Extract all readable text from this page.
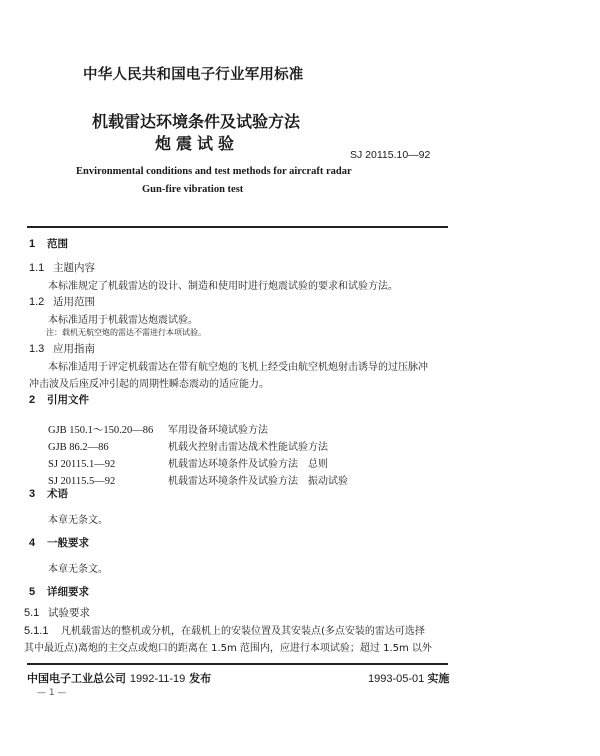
中华人民共和国电子行业军用标准
机载雷达环境条件及试验方法
炮震试验
SJ 20115.10—92
Environmental conditions and test methods for aircraft radar
Gun-fire vibration test
1 范围
1.1 主题内容
本标准规定了机载雷达的设计、制造和使用时进行炮震试验的要求和试验方法。
1.2 适用范围
本标准适用于机载雷达炮震试验。
注：载机无航空炮的雷达不需进行本项试验。
1.3 应用指南
本标准适用于评定机载雷达在带有航空炮的飞机上经受由航空机炮射击诱导的过压脉冲
冲击波及后座反冲引起的周期性瞬态震动的适应能力。
2 引用文件
GJB 150.1～150.20—86 军用设备环境试验方法
GJB 86.2—86	机载火控射击雷达战术性能试验方法
SJ 20115.1—92	机载雷达环境条件及试验方法　总则
SJ 20115.5—92	机载雷达环境条件及试验方法　振动试验
3 术语
本章无条文。
4 一般要求
本章无条文。
5 详细要求
5.1 试验要求
5.1.1 凡机载雷达的整机或分机，在载机上的安装位置及其安装点(多点安装的雷达可选择
其中最近点)离炮的主交点或炮口的距离在 1.5m 范围内，应进行本项试验；超过 1.5m 以外
中国电子工业总公司 1992-11-19 发布	1993-05-01 实施
— 1 —
